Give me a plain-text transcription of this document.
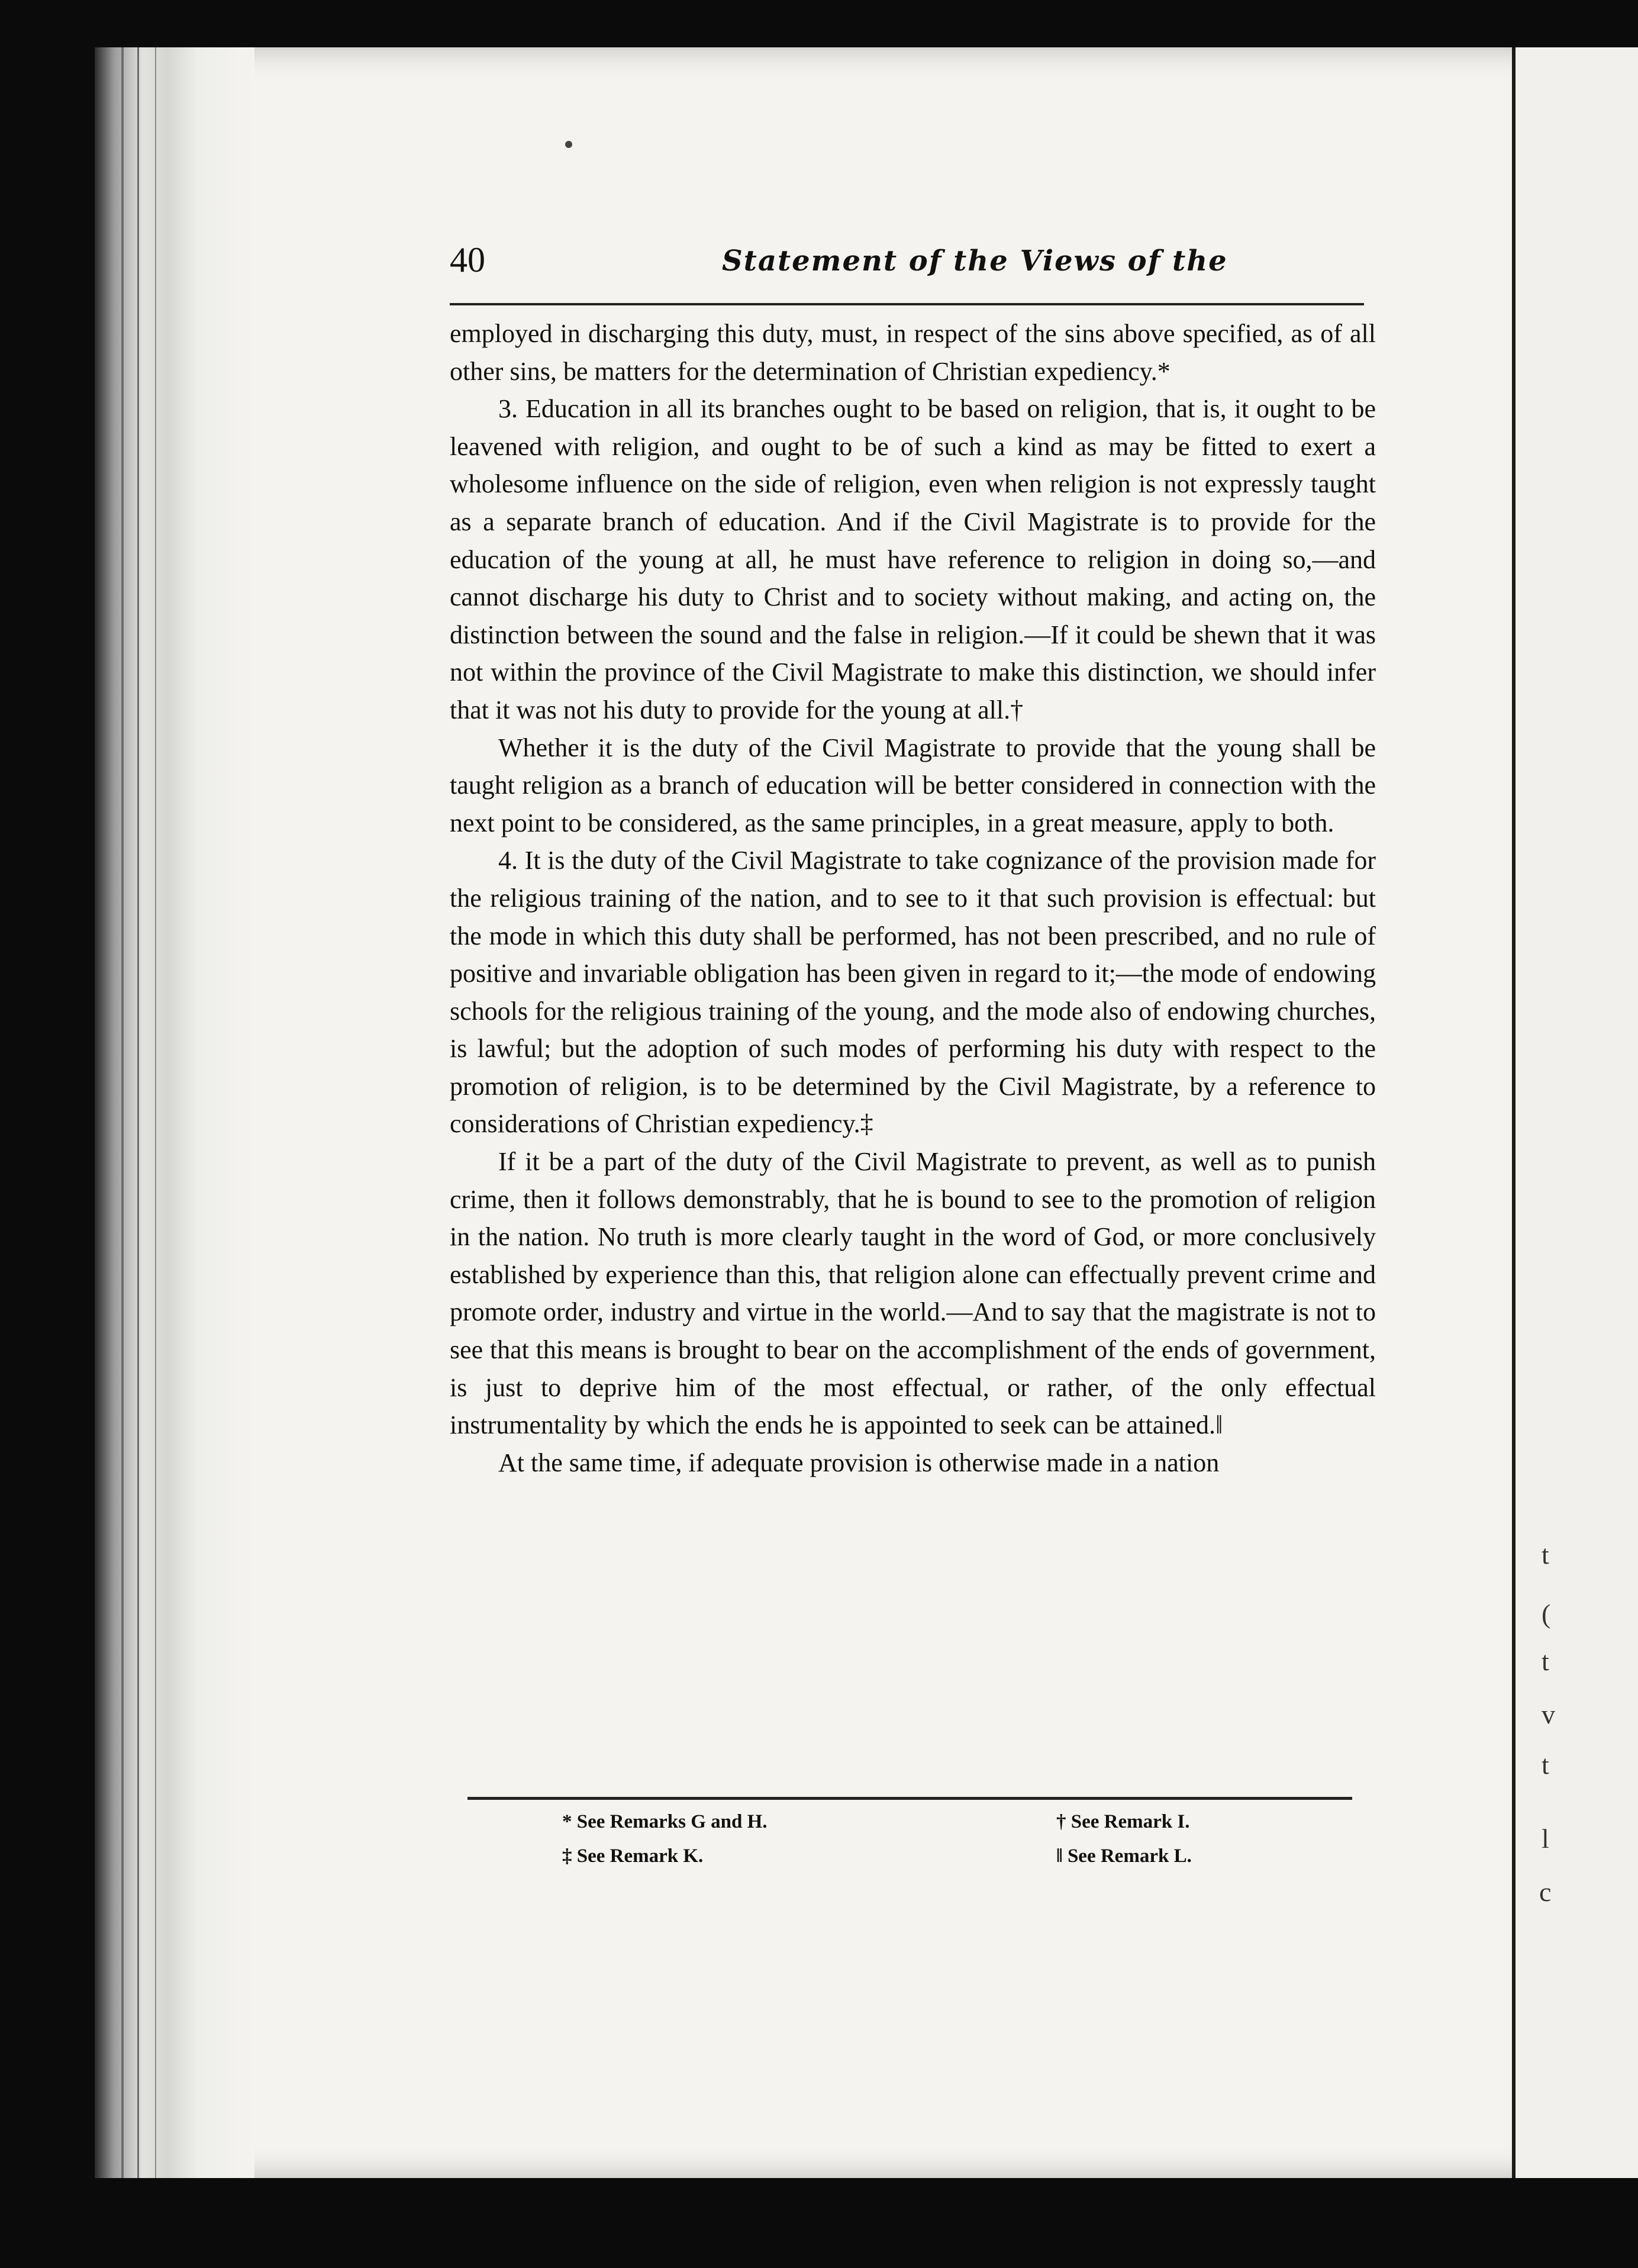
t
(
t
v
t
l
c
40	Statement of the Views of the

employed in discharging this duty, must, in respect of the sins above specified, as of all other sins, be matters for the determination of Christian expediency.*

3. Education in all its branches ought to be based on religion, that is, it ought to be leavened with religion, and ought to be of such a kind as may be fitted to exert a wholesome influence on the side of religion, even when religion is not expressly taught as a separate branch of education. And if the Civil Magistrate is to provide for the education of the young at all, he must have reference to religion in doing so,—and cannot discharge his duty to Christ and to society without making, and acting on, the distinction between the sound and the false in religion.—If it could be shewn that it was not within the province of the Civil Magistrate to make this distinction, we should infer that it was not his duty to provide for the young at all.†

Whether it is the duty of the Civil Magistrate to provide that the young shall be taught religion as a branch of education will be better considered in connection with the next point to be considered, as the same principles, in a great measure, apply to both.

4. It is the duty of the Civil Magistrate to take cognizance of the provision made for the religious training of the nation, and to see to it that such provision is effectual: but the mode in which this duty shall be performed, has not been prescribed, and no rule of positive and invariable obligation has been given in regard to it;—the mode of endowing schools for the religious training of the young, and the mode also of endowing churches, is lawful; but the adoption of such modes of performing his duty with respect to the promotion of religion, is to be determined by the Civil Magistrate, by a reference to considerations of Christian expediency.‡

If it be a part of the duty of the Civil Magistrate to prevent, as well as to punish crime, then it follows demonstrably, that he is bound to see to the promotion of religion in the nation. No truth is more clearly taught in the word of God, or more conclusively established by experience than this, that religion alone can effectually prevent crime and promote order, industry and virtue in the world.—And to say that the magistrate is not to see that this means is brought to bear on the accomplishment of the ends of government, is just to deprive him of the most effectual, or rather, of the only effectual instrumentality by which the ends he is appointed to seek can be attained.‖

At the same time, if adequate provision is otherwise made in a nation

* See Remarks G and H.	† See Remark I.
‡ See Remark K.	‖ See Remark L.
